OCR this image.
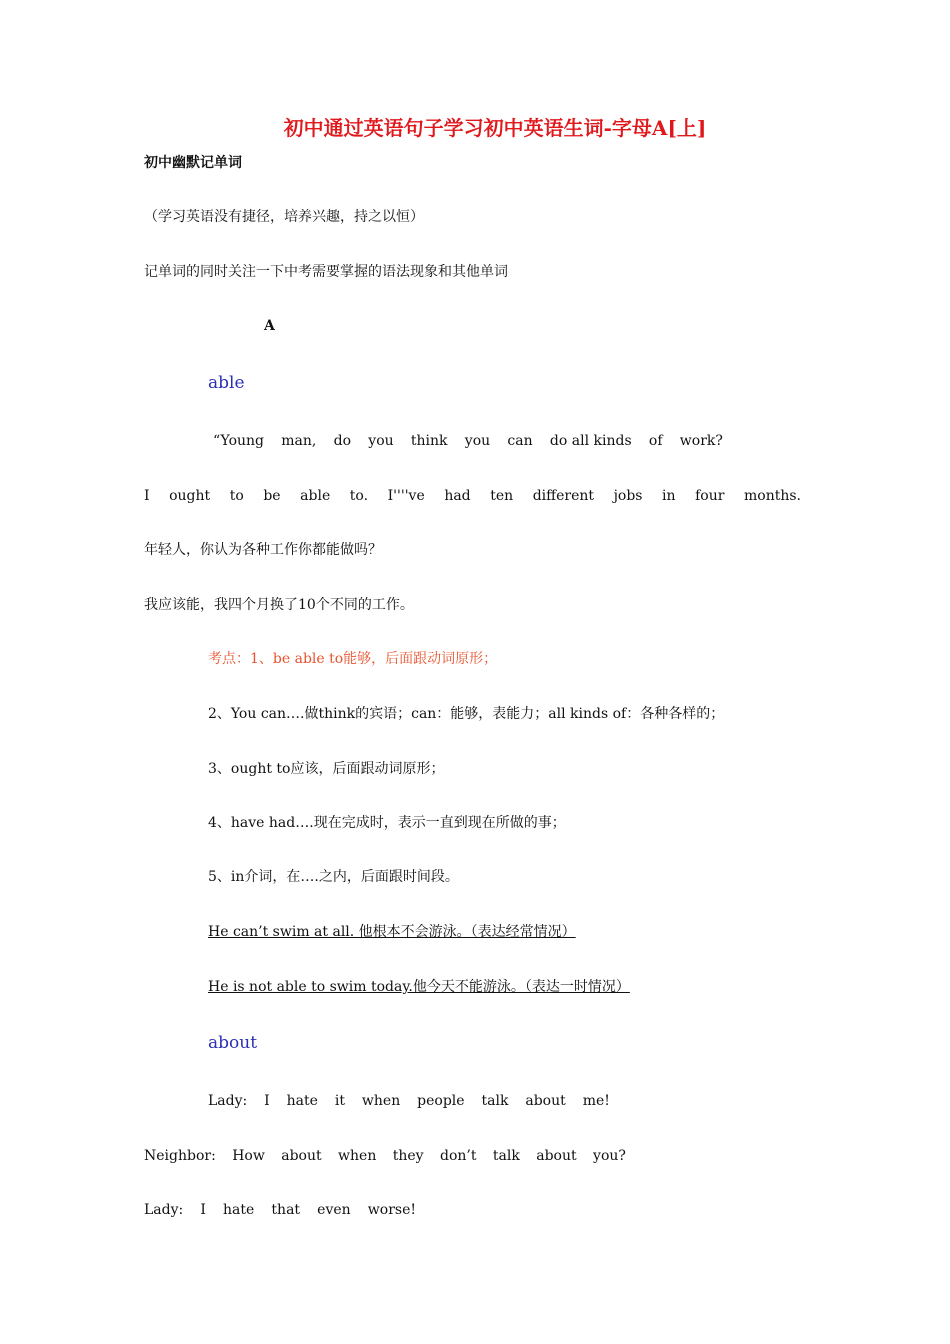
初中通过英语句子学习初中英语生词-字母A[上]
初中幽默记单词
（学习英语没有捷径，培养兴趣，持之以恒）
记单词的同时关注一下中考需要掌握的语法现象和其他单词
A
able
“Young man, do you think you can do all kinds of work?
I ought to be able to. I''''ve had ten different jobs in four months.
年轻人，你认为各种工作你都能做吗？
我应该能，我四个月换了10个不同的工作。
考点：1、be able to能够，后面跟动词原形；
2、You can….做think的宾语；can：能够，表能力；all kinds of：各种各样的；
3、ought to应该，后面跟动词原形；
4、have had….现在完成时，表示一直到现在所做的事；
5、in介词，在….之内，后面跟时间段。
He can’t swim at all. 他根本不会游泳。（表达经常情况）
He is not able to swim today.他今天不能游泳。（表达一时情况）
about
Lady: I hate it when people talk about me!
Neighbor: How about when they don’t talk about you?
Lady: I hate that even worse!
